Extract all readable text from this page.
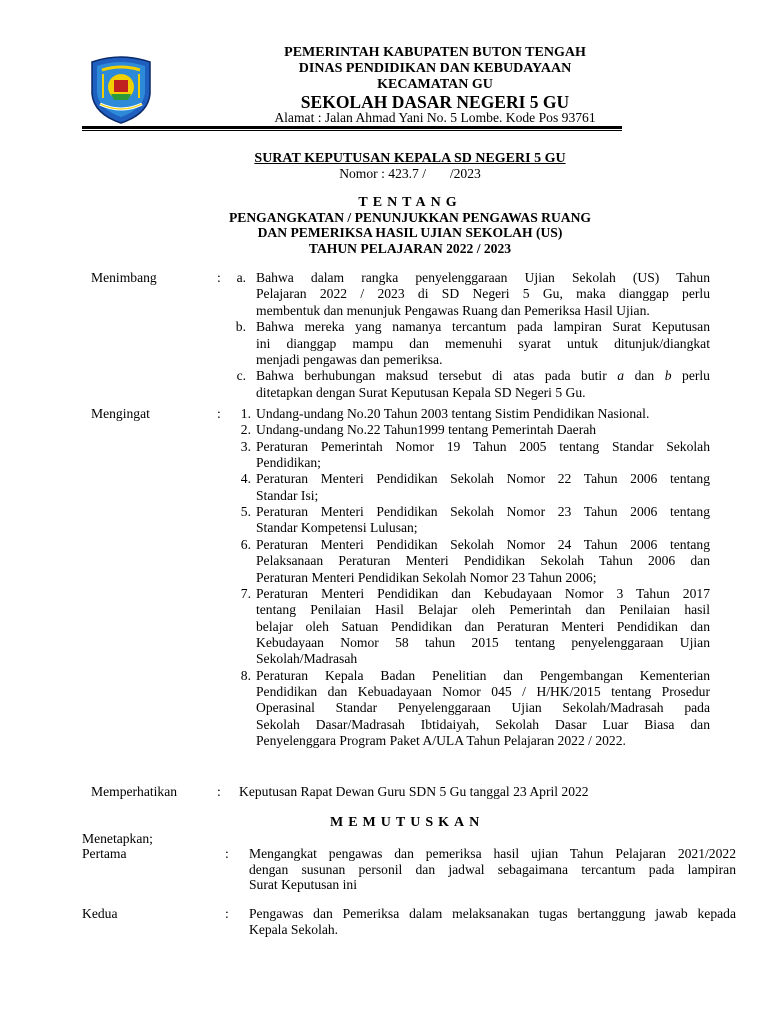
PEMERINTAH KABUPATEN BUTON TENGAH
DINAS PENDIDIKAN DAN KEBUDAYAAN
KECAMATAN GU
SEKOLAH DASAR NEGERI 5 GU
Alamat : Jalan Ahmad Yani No. 5 Lombe. Kode Pos 93761
SURAT KEPUTUSAN KEPALA SD NEGERI 5 GU
Nomor : 423.7 /       /2023
TENTANG
PENGANGKATAN / PENUNJUKKAN PENGAWAS RUANG
DAN PEMERIKSA HASIL UJIAN SEKOLAH (US)
TAHUN PELAJARAN 2022 / 2023
Menimbang	:	a. Bahwa dalam rangka penyelenggaraan Ujian Sekolah (US) Tahun
Pelajaran 2022 / 2023 di SD Negeri 5 Gu, maka dianggap perlu
membentuk dan menunjuk Pengawas Ruang dan Pemeriksa Hasil Ujian.
b. Bahwa mereka yang namanya tercantum pada lampiran Surat Keputusan
ini dianggap mampu dan memenuhi syarat untuk ditunjuk/diangkat
menjadi pengawas dan pemeriksa.
c. Bahwa berhubungan maksud tersebut di atas pada butir a dan b perlu
ditetapkan dengan Surat Keputusan Kepala SD Negeri 5 Gu.
Mengingat	:	1. Undang-undang No.20 Tahun 2003 tentang Sistim Pendidikan Nasional.
2. Undang-undang No.22 Tahun1999 tentang Pemerintah Daerah
3. Peraturan Pemerintah Nomor 19 Tahun 2005 tentang Standar Sekolah
Pendidikan;
4. Peraturan Menteri Pendidikan Sekolah Nomor 22 Tahun 2006 tentang
Standar Isi;
5. Peraturan Menteri Pendidikan Sekolah Nomor 23 Tahun 2006 tentang
Standar Kompetensi Lulusan;
6. Peraturan Menteri Pendidikan Sekolah Nomor 24 Tahun 2006 tentang
Pelaksanaan Peraturan Menteri Pendidikan Sekolah Tahun 2006 dan
Peraturan Menteri Pendidikan Sekolah Nomor 23 Tahun 2006;
7. Peraturan Menteri Pendidikan dan Kebudayaan Nomor 3 Tahun 2017
tentang Penilaian Hasil Belajar oleh Pemerintah dan Penilaian hasil
belajar oleh Satuan Pendidikan dan Peraturan Menteri Pendidikan dan
Kebudayaan Nomor 58 tahun 2015 tentang penyelenggaraan Ujian
Sekolah/Madrasah
8. Peraturan Kepala Badan Penelitian dan Pengembangan Kementerian
Pendidikan dan Kebuadayaan Nomor 045 / H/HK/2015 tentang Prosedur
Operasinal Standar Penyelenggaraan Ujian Sekolah/Madrasah pada
Sekolah Dasar/Madrasah Ibtidaiyah, Sekolah Dasar Luar Biasa dan
Penyelenggara Program Paket A/ULA Tahun Pelajaran 2022 / 2022.
Memperhatikan	: Keputusan Rapat Dewan Guru SDN 5 Gu tanggal 23 April 2022
MEMUTUSKAN
Menetapkan;
Pertama	: Mengangkat pengawas dan pemeriksa hasil ujian Tahun Pelajaran 2021/2022
dengan susunan personil dan jadwal sebagaimana tercantum pada lampiran
Surat Keputusan ini
Kedua	: Pengawas dan Pemeriksa dalam melaksanakan tugas bertanggung jawab kepada
Kepala Sekolah.
